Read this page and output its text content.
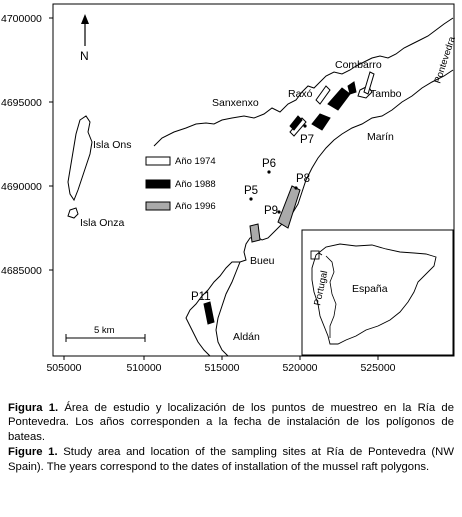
4700000
4695000
4690000
4685000
505000	510000	515000	520000	525000
N
5 km
Año 1974
Año 1988
Año 1996
Pontevedra
Combarro
Raxó	Tambo
Sanxenxo
Marín
Isla Ons
Isla Onza
Bueu
Aldán
P6
P7
P5
P8
P9
P11
España
Portugal

Figura 1. Área de estudio y localización de los puntos de muestreo en la Ría de Pontevedra. Los años corresponden a la fecha de instalación de los polígonos de bateas.

Figure 1. Study area and location of the sampling sites at Ría de Pontevedra (NW Spain). The years correspond to the dates of installation of the mussel raft polygons.
